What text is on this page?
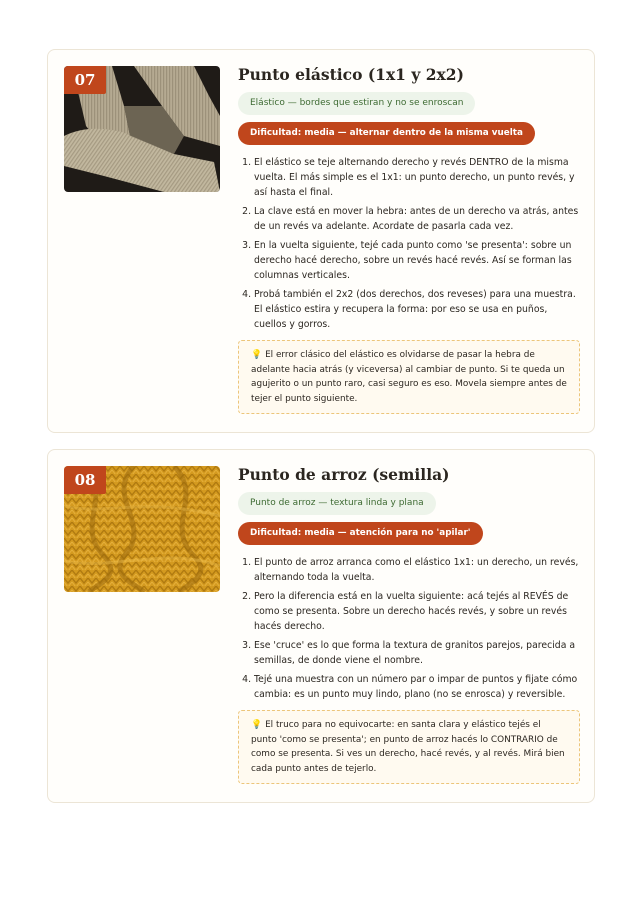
07	Punto elástico (1x1 y 2x2)
Elástico — bordes que estiran y no se enroscan
Dificultad: media — alternar dentro de la misma vuelta
1. El elástico se teje alternando derecho y revés DENTRO de la misma vuelta. El más simple es el 1x1: un punto derecho, un punto revés, y así hasta el final.
2. La clave está en mover la hebra: antes de un derecho va atrás, antes de un revés va adelante. Acordate de pasarla cada vez.
3. En la vuelta siguiente, tejé cada punto como 'se presenta': sobre un derecho hacé derecho, sobre un revés hacé revés. Así se forman las columnas verticales.
4. Probá también el 2x2 (dos derechos, dos reveses) para una muestra. El elástico estira y recupera la forma: por eso se usa en puños, cuellos y gorros.
💡 El error clásico del elástico es olvidarse de pasar la hebra de adelante hacia atrás (y viceversa) al cambiar de punto. Si te queda un agujerito o un punto raro, casi seguro es eso. Movela siempre antes de tejer el punto siguiente.
08	Punto de arroz (semilla)
Punto de arroz — textura linda y plana
Dificultad: media — atención para no 'apilar'
1. El punto de arroz arranca como el elástico 1x1: un derecho, un revés, alternando toda la vuelta.
2. Pero la diferencia está en la vuelta siguiente: acá tejés al REVÉS de como se presenta. Sobre un derecho hacés revés, y sobre un revés hacés derecho.
3. Ese 'cruce' es lo que forma la textura de granitos parejos, parecida a semillas, de donde viene el nombre.
4. Tejé una muestra con un número par o impar de puntos y fijate cómo cambia: es un punto muy lindo, plano (no se enrosca) y reversible.
💡 El truco para no equivocarte: en santa clara y elástico tejés el punto 'como se presenta'; en punto de arroz hacés lo CONTRARIO de como se presenta. Si ves un derecho, hacé revés, y al revés. Mirá bien cada punto antes de tejerlo.
